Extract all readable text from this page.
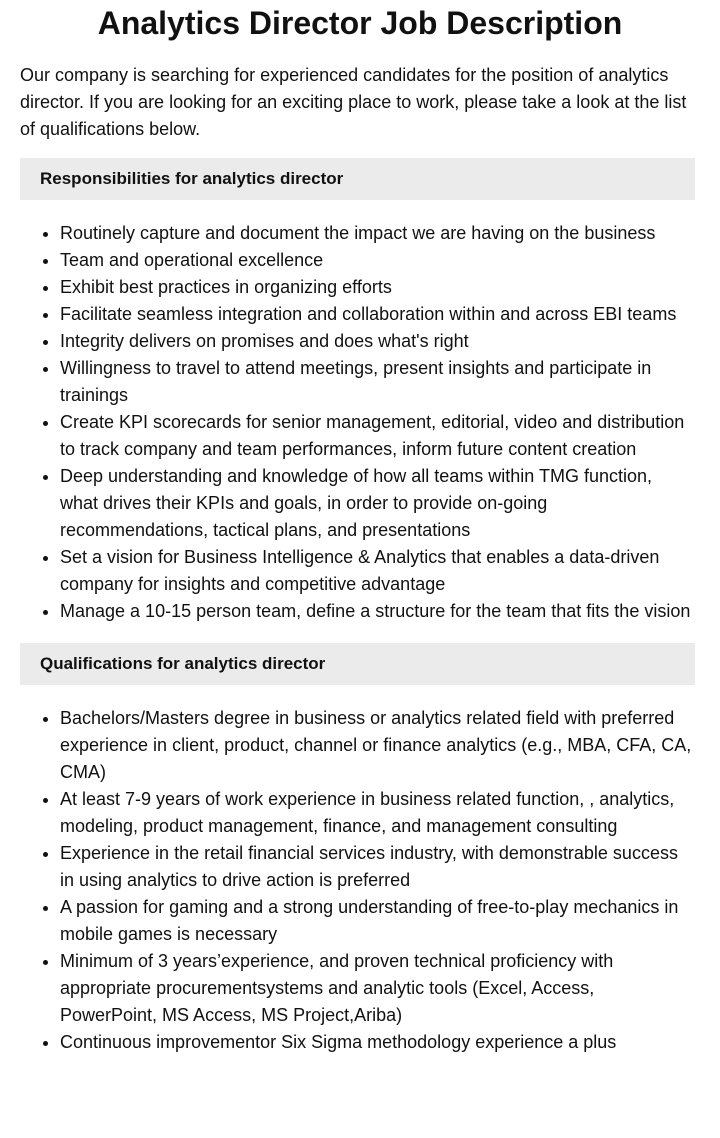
Analytics Director Job Description

Our company is searching for experienced candidates for the position of analytics director. If you are looking for an exciting place to work, please take a look at the list of qualifications below.

Responsibilities for analytics director
• Routinely capture and document the impact we are having on the business
• Team and operational excellence
• Exhibit best practices in organizing efforts
• Facilitate seamless integration and collaboration within and across EBI teams
• Integrity delivers on promises and does what's right
• Willingness to travel to attend meetings, present insights and participate in trainings
• Create KPI scorecards for senior management, editorial, video and distribution to track company and team performances, inform future content creation
• Deep understanding and knowledge of how all teams within TMG function, what drives their KPIs and goals, in order to provide on-going recommendations, tactical plans, and presentations
• Set a vision for Business Intelligence & Analytics that enables a data-driven company for insights and competitive advantage
• Manage a 10-15 person team, define a structure for the team that fits the vision
Qualifications for analytics director
• Bachelors/Masters degree in business or analytics related field with preferred experience in client, product, channel or finance analytics (e.g., MBA, CFA, CA, CMA)
• At least 7-9 years of work experience in business related function, , analytics, modeling, product management, finance, and management consulting
• Experience in the retail financial services industry, with demonstrable success in using analytics to drive action is preferred
• A passion for gaming and a strong understanding of free-to-play mechanics in mobile games is necessary
• Minimum of 3 years’experience, and proven technical proficiency with appropriate procurementsystems and analytic tools (Excel, Access, PowerPoint, MS Access, MS Project,Ariba)
• Continuous improvementor Six Sigma methodology experience a plus
